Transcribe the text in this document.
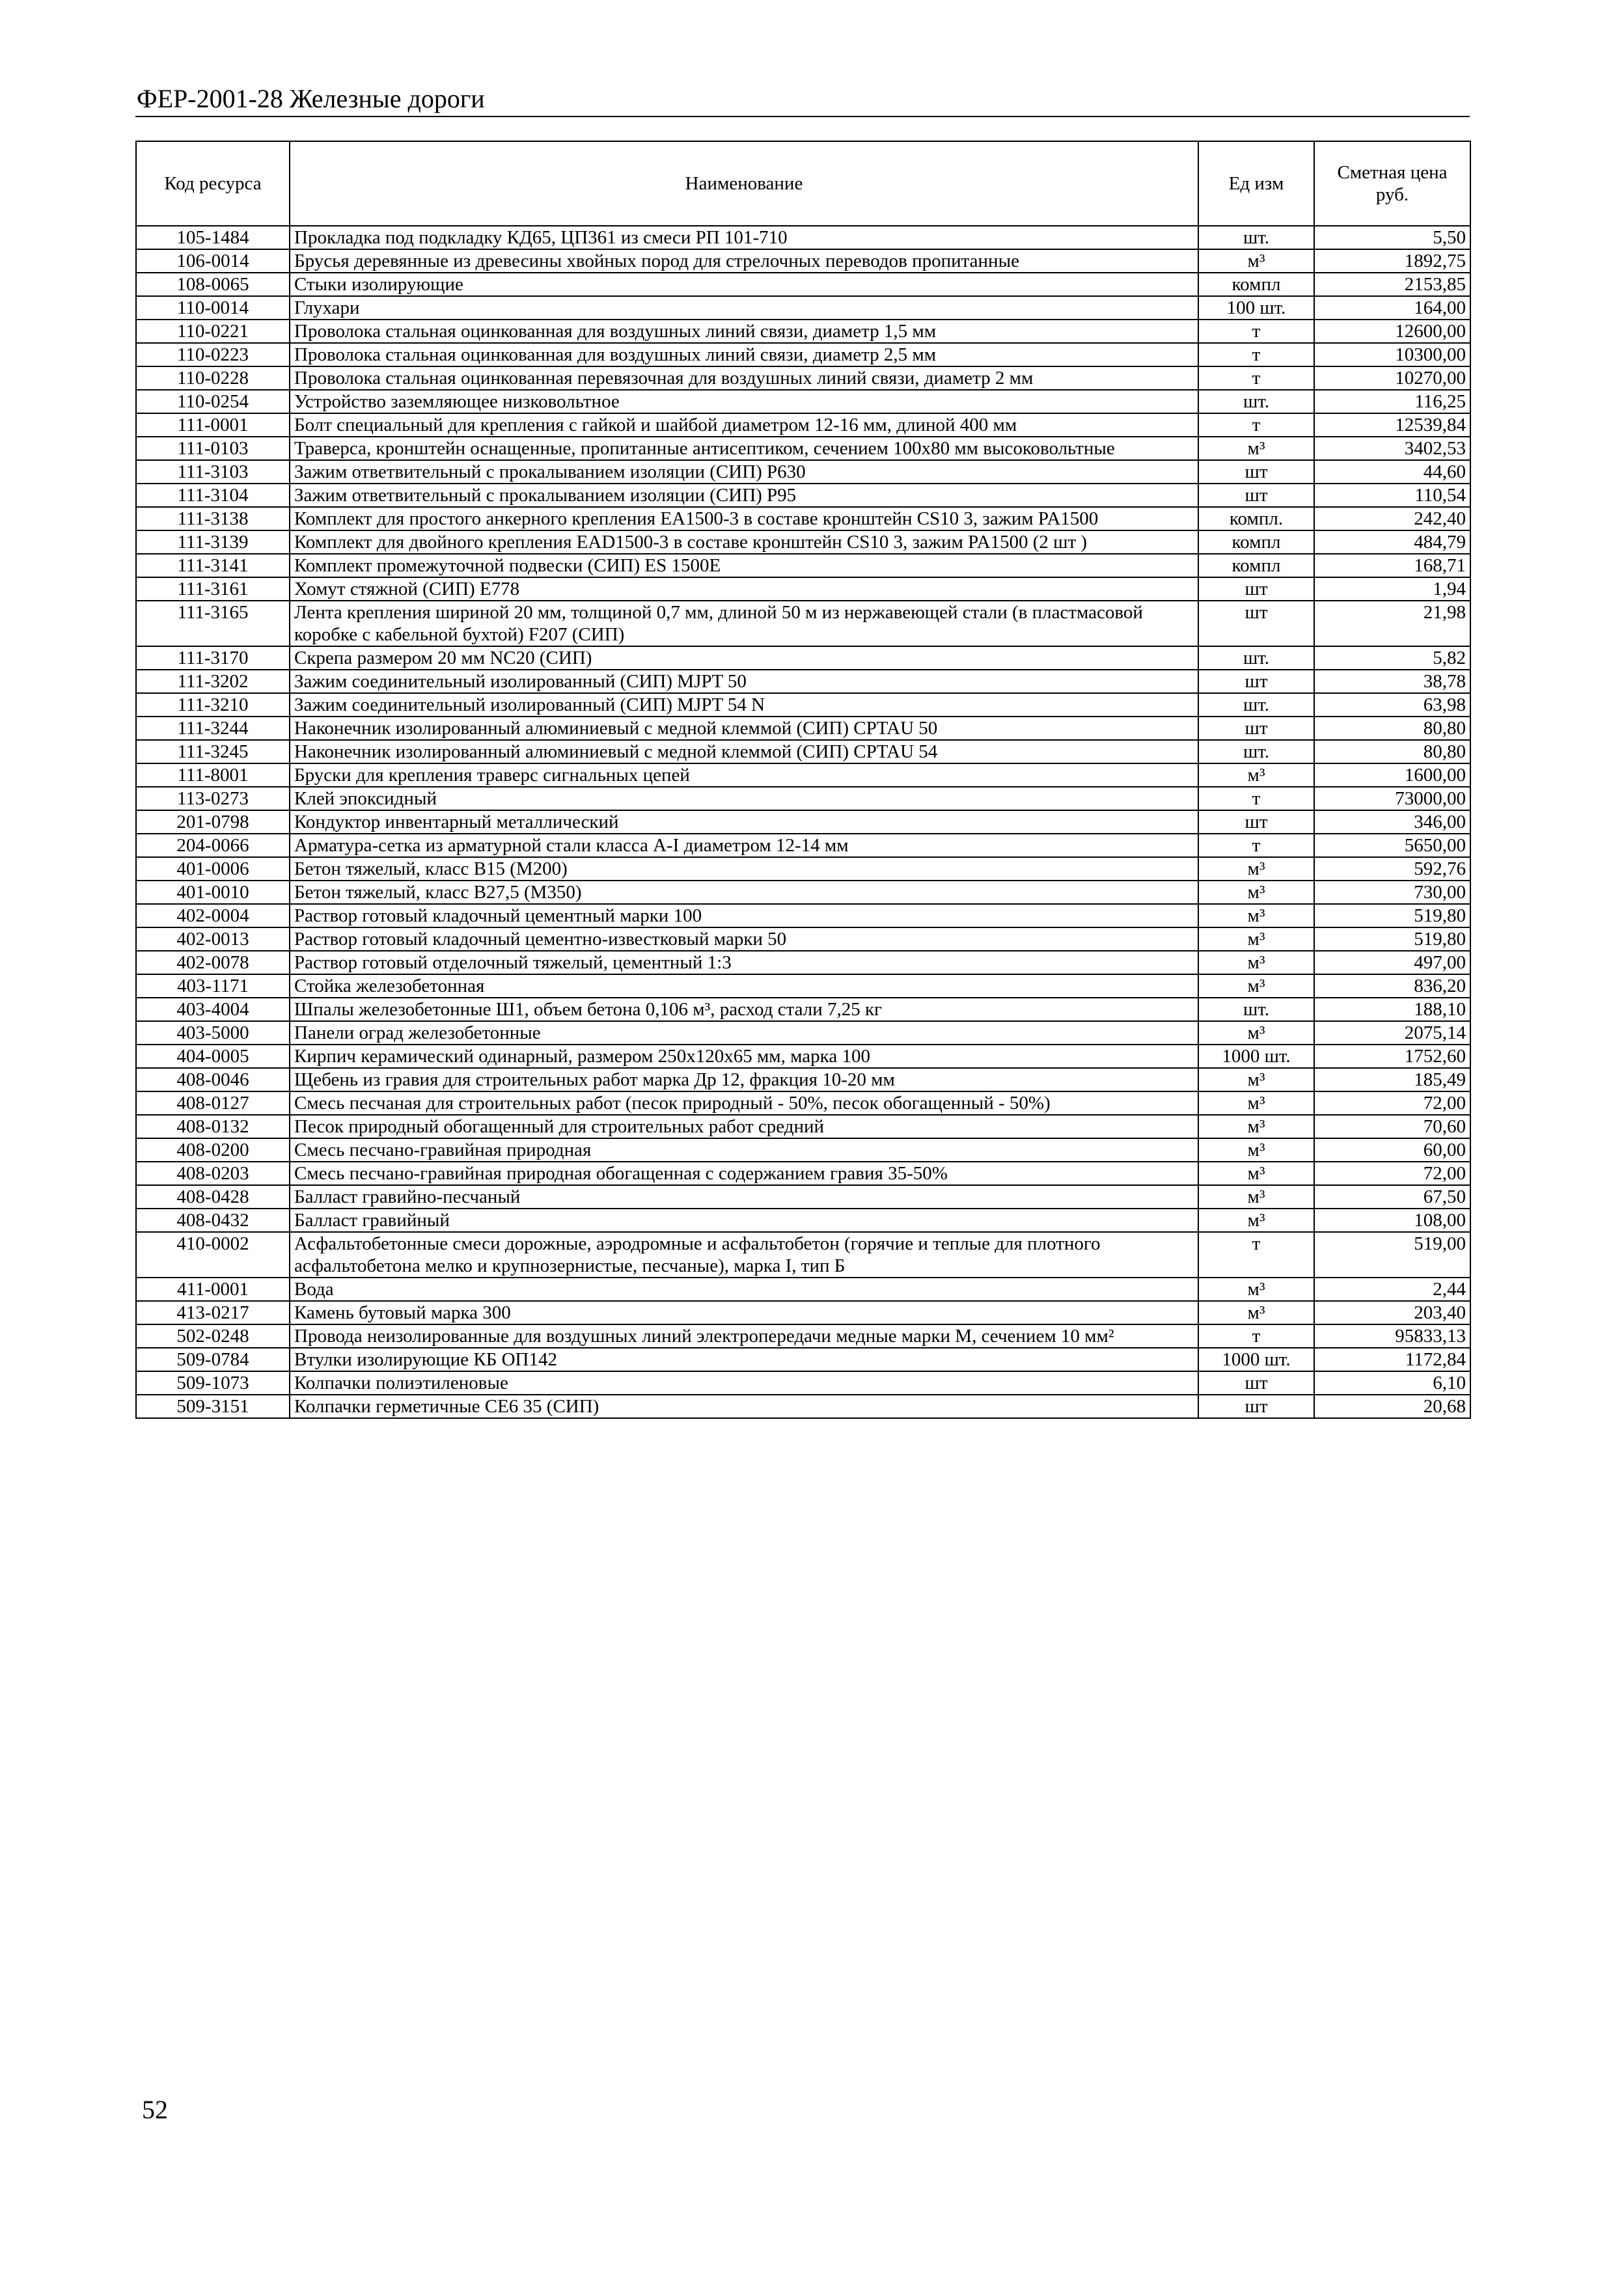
ФЕР-2001-28 Железные дороги
Код ресурса	Наименование	Ед изм	Сметная цена руб.
105-1484	Прокладка под подкладку КД65, ЦП361 из смеси РП 101-710	шт.	5,50
106-0014	Брусья деревянные из древесины хвойных пород для стрелочных переводов пропитанные	м³	1892,75
108-0065	Стыки изолирующие	компл	2153,85
110-0014	Глухари	100 шт.	164,00
110-0221	Проволока стальная оцинкованная для воздушных линий связи, диаметр 1,5 мм	т	12600,00
110-0223	Проволока стальная оцинкованная для воздушных линий связи, диаметр 2,5 мм	т	10300,00
110-0228	Проволока стальная оцинкованная перевязочная для воздушных линий связи, диаметр 2 мм	т	10270,00
110-0254	Устройство заземляющее низковольтное	шт.	116,25
111-0001	Болт специальный для крепления с гайкой и шайбой диаметром 12-16 мм, длиной 400 мм	т	12539,84
111-0103	Траверса, кронштейн оснащенные, пропитанные антисептиком, сечением 100х80 мм высоковольтные	м³	3402,53
111-3103	Зажим ответвительный с прокалыванием изоляции (СИП) Р630	шт	44,60
111-3104	Зажим ответвительный с прокалыванием изоляции (СИП) Р95	шт	110,54
111-3138	Комплект для простого анкерного крепления EA1500-3 в составе кронштейн CS10 3, зажим PA1500	компл.	242,40
111-3139	Комплект для двойного крепления EAD1500-3 в составе кронштейн CS10 3, зажим PA1500 (2 шт )	компл	484,79
111-3141	Комплект промежуточной подвески (СИП) ES 1500Е	компл	168,71
111-3161	Хомут стяжной (СИП) Е778	шт	1,94
111-3165	Лента крепления шириной 20 мм, толщиной 0,7 мм, длиной 50 м из нержавеющей стали (в пластмасовой коробке с кабельной бухтой) F207 (СИП)	шт	21,98
111-3170	Скрепа размером 20 мм NC20 (СИП)	шт.	5,82
111-3202	Зажим соединительный изолированный (СИП) MJPT 50	шт	38,78
111-3210	Зажим соединительный изолированный (СИП) MJPT 54 N	шт.	63,98
111-3244	Наконечник изолированный алюминиевый с медной клеммой (СИП) CPTAU 50	шт	80,80
111-3245	Наконечник изолированный алюминиевый с медной клеммой (СИП) CPTAU 54	шт.	80,80
111-8001	Бруски для крепления траверс сигнальных цепей	м³	1600,00
113-0273	Клей эпоксидный	т	73000,00
201-0798	Кондуктор инвентарный металлический	шт	346,00
204-0066	Арматура-сетка из арматурной стали класса А-I диаметром 12-14 мм	т	5650,00
401-0006	Бетон тяжелый, класс B15 (М200)	м³	592,76
401-0010	Бетон тяжелый, класс B27,5 (М350)	м³	730,00
402-0004	Раствор готовый кладочный цементный марки 100	м³	519,80
402-0013	Раствор готовый кладочный цементно-известковый марки 50	м³	519,80
402-0078	Раствор готовый отделочный тяжелый, цементный 1:3	м³	497,00
403-1171	Стойка железобетонная	м³	836,20
403-4004	Шпалы железобетонные Ш1, объем бетона 0,106 м³, расход стали 7,25 кг	шт.	188,10
403-5000	Панели оград железобетонные	м³	2075,14
404-0005	Кирпич керамический одинарный, размером 250х120х65 мм, марка 100	1000 шт.	1752,60
408-0046	Щебень из гравия для строительных работ марка Др 12, фракция 10-20 мм	м³	185,49
408-0127	Смесь песчаная для строительных работ (песок природный - 50%, песок обогащенный - 50%)	м³	72,00
408-0132	Песок природный обогащенный для строительных работ средний	м³	70,60
408-0200	Смесь песчано-гравийная природная	м³	60,00
408-0203	Смесь песчано-гравийная природная обогащенная с содержанием гравия 35-50%	м³	72,00
408-0428	Балласт гравийно-песчаный	м³	67,50
408-0432	Балласт гравийный	м³	108,00
410-0002	Асфальтобетонные смеси дорожные, аэродромные и асфальтобетон (горячие и теплые для плотного асфальтобетона мелко и крупнозернистые, песчаные), марка I, тип Б	т	519,00
411-0001	Вода	м³	2,44
413-0217	Камень бутовый марка 300	м³	203,40
502-0248	Провода неизолированные для воздушных линий электропередачи медные марки М, сечением 10 мм²	т	95833,13
509-0784	Втулки изолирующие КБ ОП142	1000 шт.	1172,84
509-1073	Колпачки полиэтиленовые	шт	6,10
509-3151	Колпачки герметичные СЕ6 35 (СИП)	шт	20,68
52
